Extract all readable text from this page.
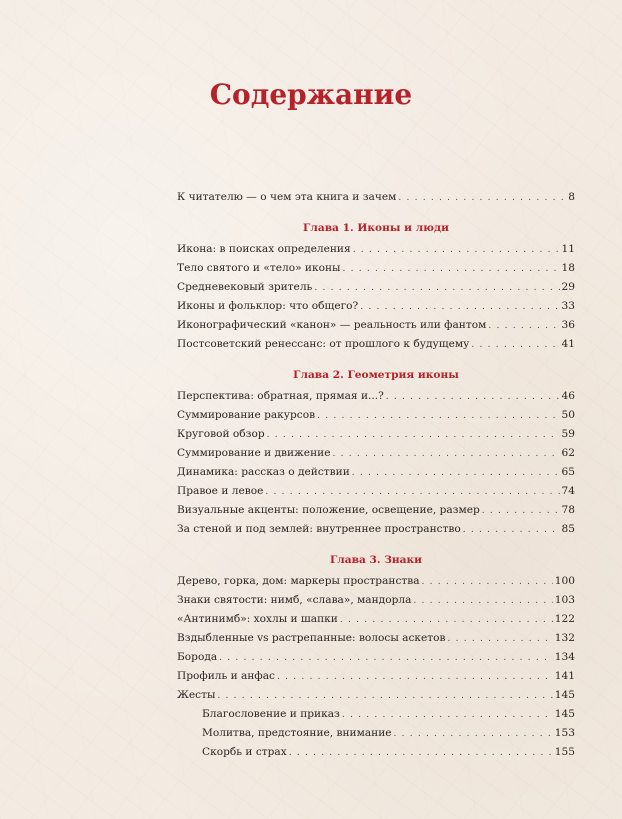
Содержание
К читателю — о чем эта книга и зачем . . .	8
Глава 1. Иконы и люди
Икона: в поисках определения . . .	11
Тело святого и «тело» иконы . . .	18
Средневековый зритель . . .	29
Иконы и фольклор: что общего? . . .	33
Иконографический «канон» — реальность или фантом . . .	36
Постсоветский ренессанс: от прошлого к будущему . . .	41
Глава 2. Геометрия иконы
Перспектива: обратная, прямая и...? . . .	46
Суммирование ракурсов . . .	50
Круговой обзор . . .	59
Суммирование и движение . . .	62
Динамика: рассказ о действии . . .	65
Правое и левое . . .	74
Визуальные акценты: положение, освещение, размер . . .	78
За стеной и под землей: внутреннее пространство . . .	85
Глава 3. Знаки
Дерево, горка, дом: маркеры пространства . . .	100
Знаки святости: нимб, «слава», мандорла . . .	103
«Антинимб»: хохлы и шапки . . .	122
Вздыбленные vs растрепанные: волосы аскетов . . .	132
Борода . . .	134
Профиль и анфас . . .	141
Жесты . . .	145
Благословение и приказ . . .	145
Молитва, предстояние, внимание . . .	153
Скорбь и страх . . .	155
